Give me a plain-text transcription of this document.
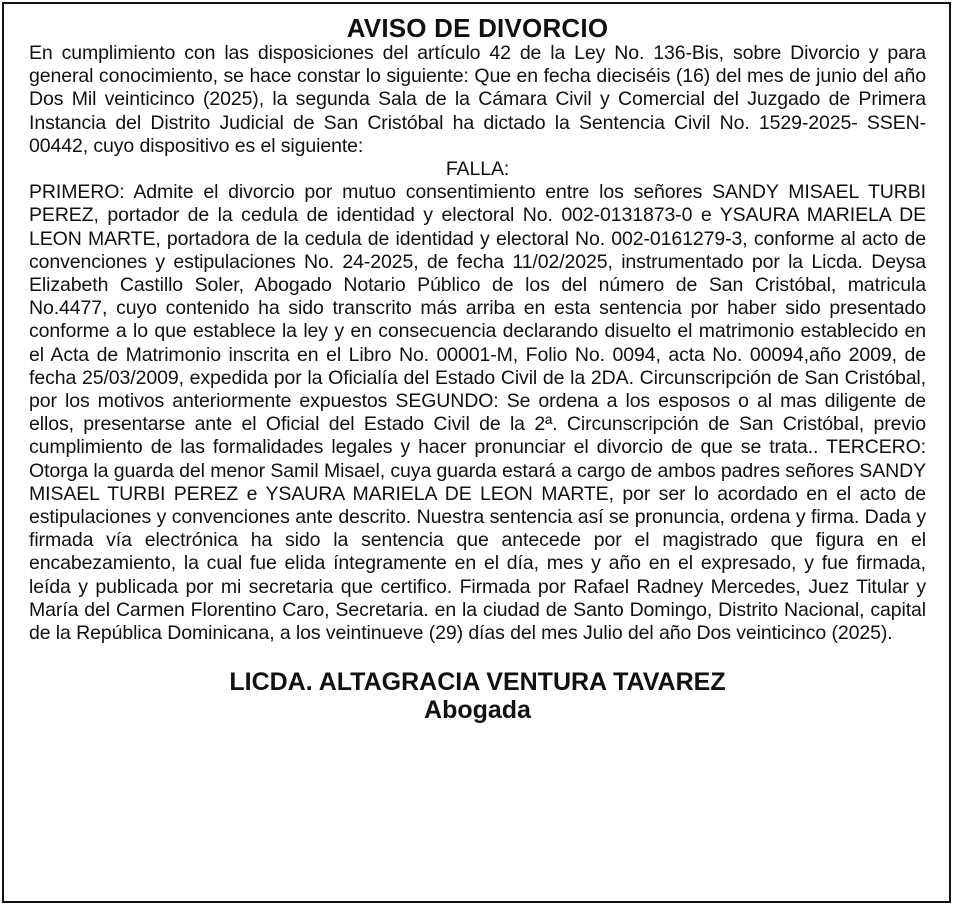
AVISO DE DIVORCIO

En cumplimiento con las disposiciones del artículo 42 de la Ley No. 136-Bis, sobre Divorcio y para general conocimiento, se hace constar lo siguiente: Que en fecha dieciséis (16) del mes de junio del año Dos Mil veinticinco (2025), la segunda Sala de la Cámara Civil y Comercial del Juzgado de Primera Instancia del Distrito Judicial de San Cristóbal ha dictado la Sentencia Civil No. 1529-2025- SSEN-00442, cuyo dispositivo es el siguiente:

FALLA:

PRIMERO: Admite el divorcio por mutuo consentimiento entre los señores SANDY MISAEL TURBI PEREZ, portador de la cedula de identidad y electoral No. 002-0131873-0 e YSAURA MARIELA DE LEON MARTE, portadora de la cedula de identidad y electoral No. 002-0161279-3, conforme al acto de convenciones y estipulaciones No. 24-2025, de fecha 11/02/2025, instrumentado por la Licda. Deysa Elizabeth Castillo Soler, Abogado Notario Público de los del número de San Cristóbal, matricula No.4477, cuyo contenido ha sido transcrito más arriba en esta sentencia por haber sido presentado conforme a lo que establece la ley y en consecuencia declarando disuelto el matrimonio establecido en el Acta de Matrimonio inscrita en el Libro No. 00001-M, Folio No. 0094, acta No. 00094,año 2009, de fecha 25/03/2009, expedida por la Oficialía del Estado Civil de la 2DA. Circunscripción de San Cristóbal, por los motivos anteriormente expuestos SEGUNDO: Se ordena a los esposos o al mas diligente de ellos, presentarse ante el Oficial del Estado Civil de la 2ª. Circunscripción de San Cristóbal, previo cumplimiento de las formalidades legales y hacer pronunciar el divorcio de que se trata.. TERCERO: Otorga la guarda del menor Samil Misael, cuya guarda estará a cargo de ambos padres señores SANDY MISAEL TURBI PEREZ e YSAURA MARIELA DE LEON MARTE, por ser lo acordado en el acto de estipulaciones y convenciones ante descrito. Nuestra sentencia así se pronuncia, ordena y firma. Dada y firmada vía electrónica ha sido la sentencia que antecede por el magistrado que figura en el encabezamiento, la cual fue elida íntegramente en el día, mes y año en el expresado, y fue firmada, leída y publicada por mi secretaria que certifico. Firmada por Rafael Radney Mercedes, Juez Titular y María del Carmen Florentino Caro, Secretaria. en la ciudad de Santo Domingo, Distrito Nacional, capital de la República Dominicana, a los veintinueve (29) días del mes Julio del año Dos veinticinco (2025).

LICDA. ALTAGRACIA VENTURA TAVAREZ

Abogada
